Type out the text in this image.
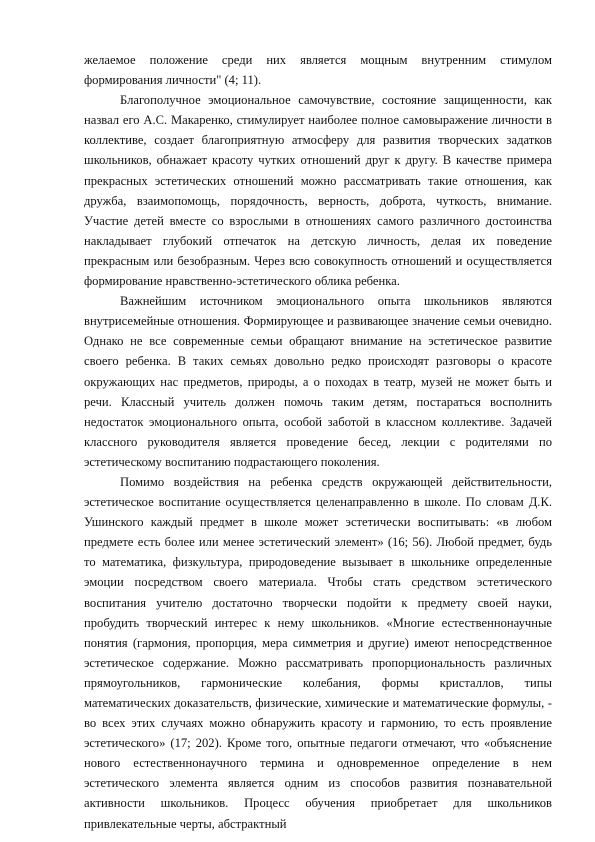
желаемое положение среди них является мощным внутренним стимулом формирования личности" (4; 11).

Благополучное эмоциональное самочувствие, состояние защищенности, как назвал его А.С. Макаренко, стимулирует наиболее полное самовыражение личности в коллективе, создает благоприятную атмосферу для развития творческих задатков школьников, обнажает красоту чутких отношений друг к другу. В качестве примера прекрасных эстетических отношений можно рассматривать такие отношения, как дружба, взаимопомощь, порядочность, верность, доброта, чуткость, внимание. Участие детей вместе со взрослыми в отношениях самого различного достоинства накладывает глубокий отпечаток на детскую личность, делая их поведение прекрасным или безобразным. Через всю совокупность отношений и осуществляется формирование нравственно-эстетического облика ребенка.

Важнейшим источником эмоционального опыта школьников являются внутрисемейные отношения. Формирующее и развивающее значение семьи очевидно. Однако не все современные семьи обращают внимание на эстетическое развитие своего ребенка. В таких семьях довольно редко происходят разговоры о красоте окружающих нас предметов, природы, а о походах в театр, музей не может быть и речи. Классный учитель должен помочь таким детям, постараться восполнить недостаток эмоционального опыта, особой заботой в классном коллективе. Задачей классного руководителя является проведение бесед, лекции с родителями по эстетическому воспитанию подрастающего поколения.

Помимо воздействия на ребенка средств окружающей действительности, эстетическое воспитание осуществляется целенаправленно в школе. По словам Д.К. Ушинского каждый предмет в школе может эстетически воспитывать: «в любом предмете есть более или менее эстетический элемент» (16; 56). Любой предмет, будь то математика, физкультура, природоведение вызывает в школьнике определенные эмоции посредством своего материала. Чтобы стать средством эстетического воспитания учителю достаточно творчески подойти к предмету своей науки, пробудить творческий интерес к нему школьников. «Многие естественнонаучные понятия (гармония, пропорция, мера симметрия и другие) имеют непосредственное эстетическое содержание. Можно рассматривать пропорциональность различных прямоугольников, гармонические колебания, формы кристаллов, типы математических доказательств, физические, химические и математические формулы, - во всех этих случаях можно обнаружить красоту и гармонию, то есть проявление эстетического» (17; 202). Кроме того, опытные педагоги отмечают, что «объяснение нового естественнонаучного термина и одновременное определение в нем эстетического элемента является одним из способов развития познавательной активности школьников. Процесс обучения приобретает для школьников привлекательные черты, абстрактный
